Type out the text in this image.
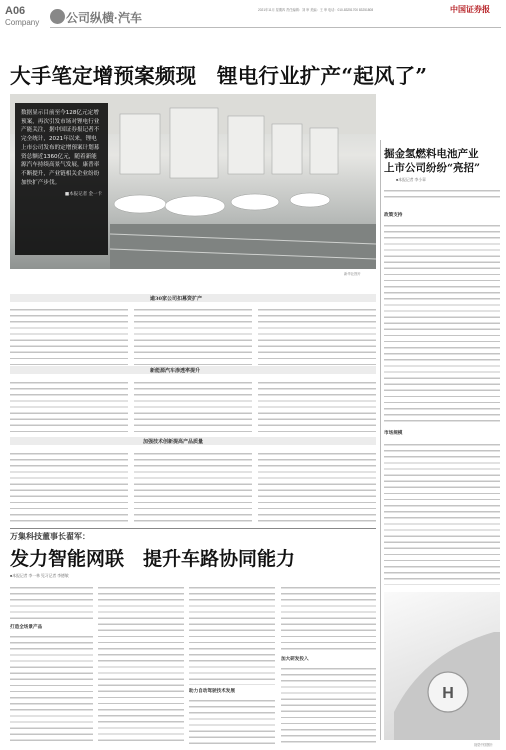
A06
Company 公司纵横·汽车
2021年11月 星期四 责任编辑：刘 审 美编：王 审 电话：010-83251700 83251808	中国证券报
大手笔定增预案频现　锂电行业扩产“起风了”
数据显示目前至今128亿元定增预案，再次引发市场对锂电行业产能关注，据中国证券报记者不完全统计，2021年以来，锂电上市公司发布的定增预案计划募资总额近1360亿元，随着新能源汽车持续高景气发展，康普率不断提升，产业链相关企业纷纷加快扩产步伐。
■本报记者 金一卡
新华社图片
掘金氢燃料电池产业
上市公司纷纷“亮招”
■本报记者 李小章
政策支持
市场规模
H
视觉中国图片
逾30家公司扣募资扩产
新能源汽车渗透率提升
加强技术创新提高产品质量
万集科技董事长翟军：
发力智能网联　提升车路协同能力
■本报记者 李一林 见习记者 李德敏
打造全场景产品
助力自动驾驶技术发展
加大研发投入
